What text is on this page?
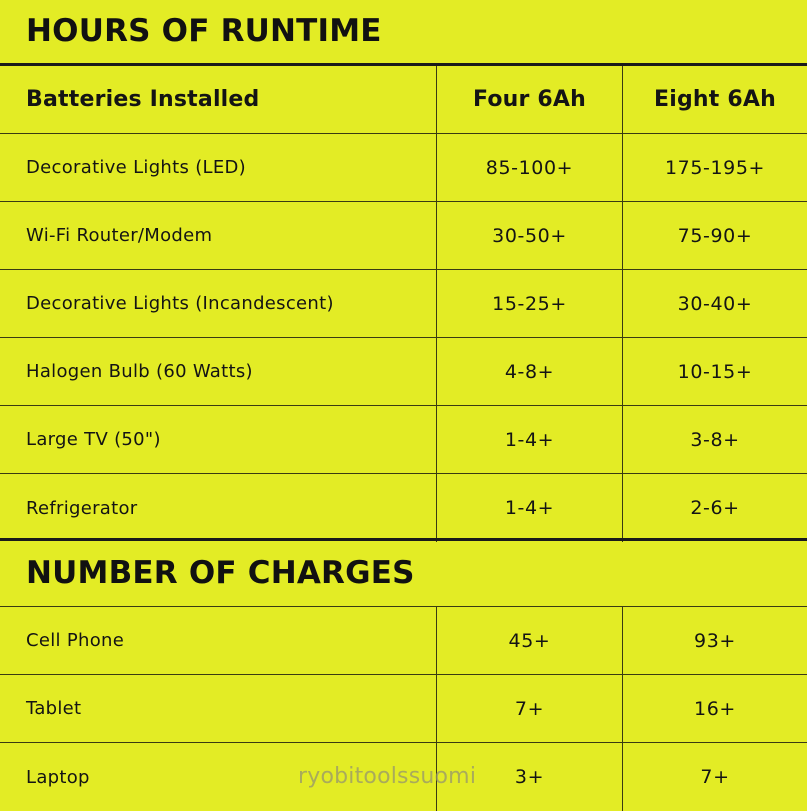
HOURS OF RUNTIME
Batteries Installed	Four 6Ah	Eight 6Ah
Decorative Lights (LED)	85-100+	175-195+
Wi-Fi Router/Modem	30-50+	75-90+
Decorative Lights (Incandescent)	15-25+	30-40+
Halogen Bulb (60 Watts)	4-8+	10-15+
Large TV (50")	1-4+	3-8+
Refrigerator	1-4+	2-6+
NUMBER OF CHARGES
Cell Phone	45+	93+
Tablet	7+	16+
Laptop	3+	7+
ryobitoolssuomi
